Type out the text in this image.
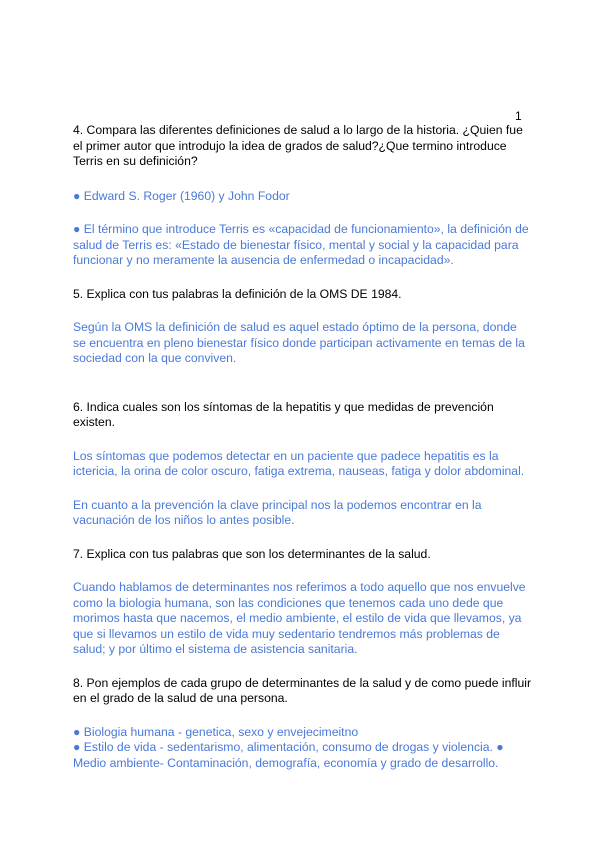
1

4. Compara las diferentes definiciones de salud a lo largo de la historia. ¿Quien fue
el primer autor que introdujo la idea de grados de salud?¿Que termino introduce
Terris en su definición?

● Edward S. Roger (1960) y John Fodor

● El término que introduce Terris es «capacidad de funcionamiento», la definición de
salud de Terris es: «Estado de bienestar físico, mental y social y la capacidad para
funcionar y no meramente la ausencia de enfermedad o incapacidad».

5. Explica con tus palabras la definición de la OMS DE 1984.

Según la OMS la definición de salud es aquel estado óptimo de la persona, donde
se encuentra en pleno bienestar físico donde participan activamente en temas de la
sociedad con la que conviven.

6. Indica cuales son los síntomas de la hepatitis y que medidas de prevención
existen.

Los síntomas que podemos detectar en un paciente que padece hepatitis es la
ictericia, la orina de color oscuro, fatiga extrema, nauseas, fatiga y dolor abdominal.

En cuanto a la prevención la clave principal nos la podemos encontrar en la
vacunación de los niños lo antes posible.

7. Explica con tus palabras que son los determinantes de la salud.

Cuando hablamos de determinantes nos referimos a todo aquello que nos envuelve
como la biologia humana, son las condiciones que tenemos cada uno dede que
morimos hasta que nacemos, el medio ambiente, el estilo de vida que llevamos, ya
que si llevamos un estilo de vida muy sedentario tendremos más problemas de
salud; y por último el sistema de asistencia sanitaria.

8. Pon ejemplos de cada grupo de determinantes de la salud y de como puede influir
en el grado de la salud de una persona.

● Biologia humana - genetica, sexo y envejecimeitno
● Estilo de vida - sedentarismo, alimentación, consumo de drogas y violencia. ●
Medio ambiente- Contaminación, demografía, economía y grado de desarrollo.
